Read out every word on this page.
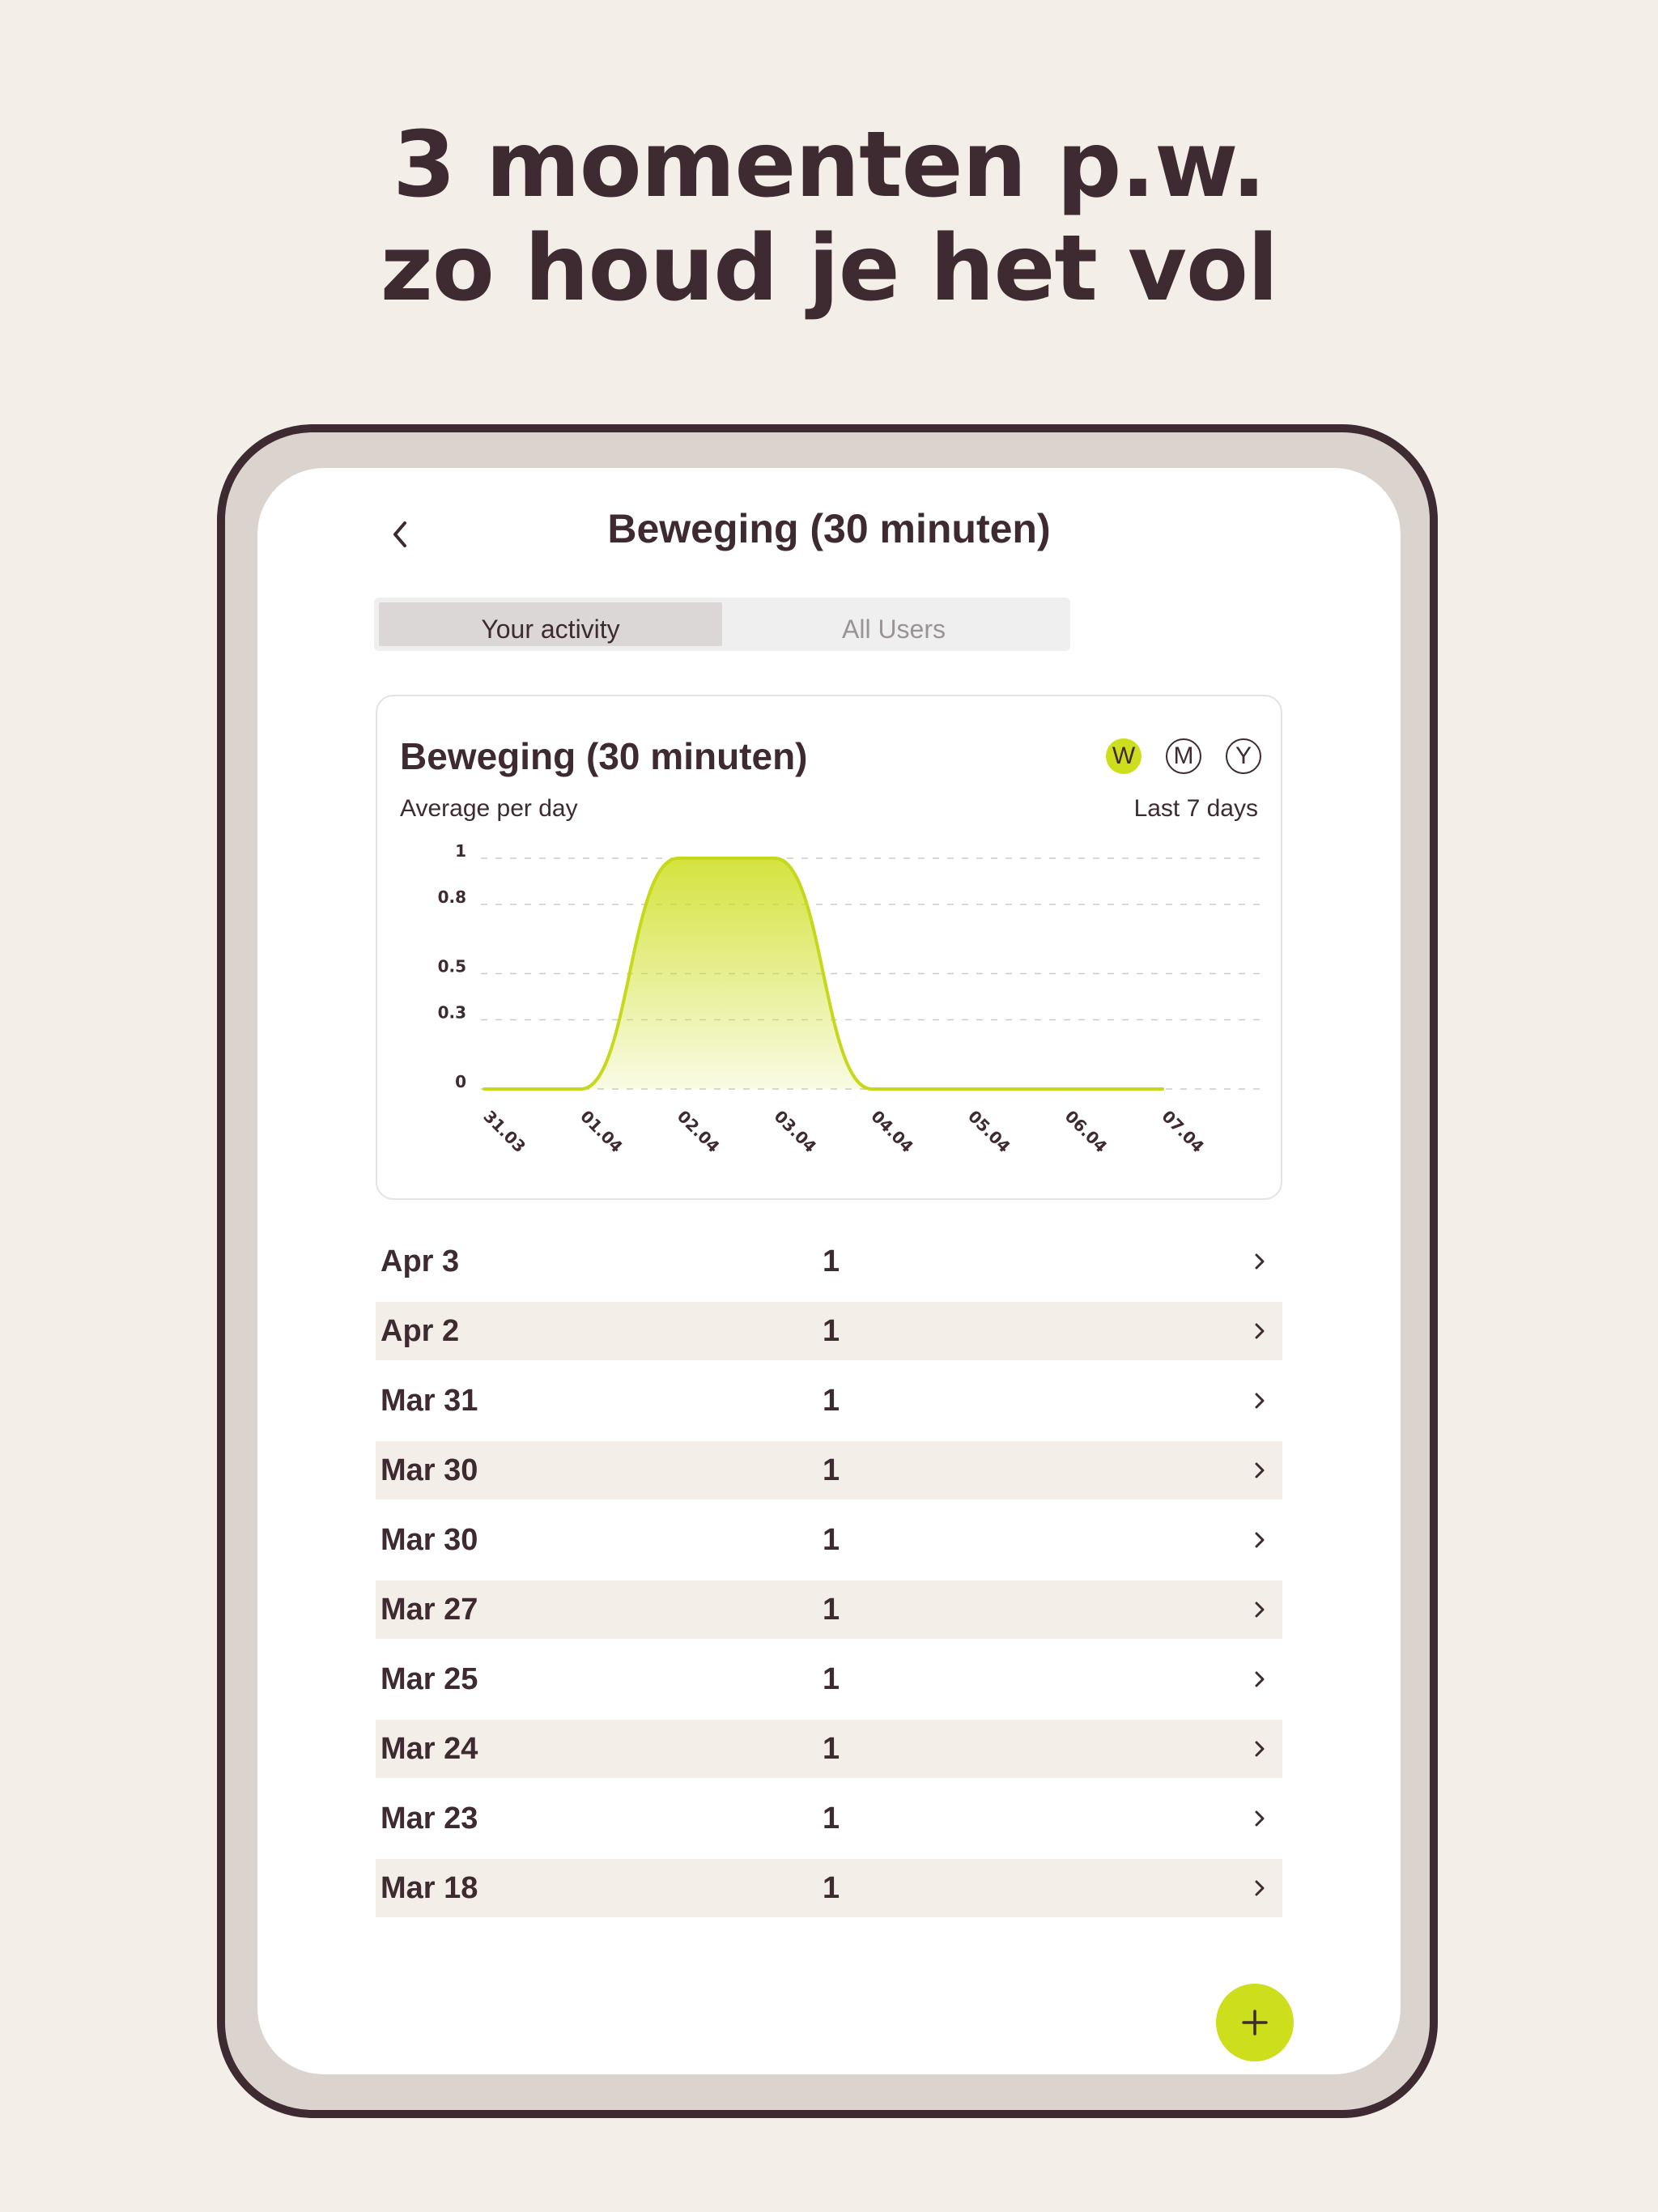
3 momenten p.w.
zo houd je het vol
Beweging (30 minuten)
Your activity	All Users
Beweging (30 minuten)	W	M	Y
Average per day	Last 7 days
0
0.3
0.5
0.8
1
31.03	01.04	02.04	03.04	04.04	05.04	06.04	07.04
Apr 3	1
Apr 2	1
Mar 31	1
Mar 30	1
Mar 30	1
Mar 27	1
Mar 25	1
Mar 24	1
Mar 23	1
Mar 18	1
